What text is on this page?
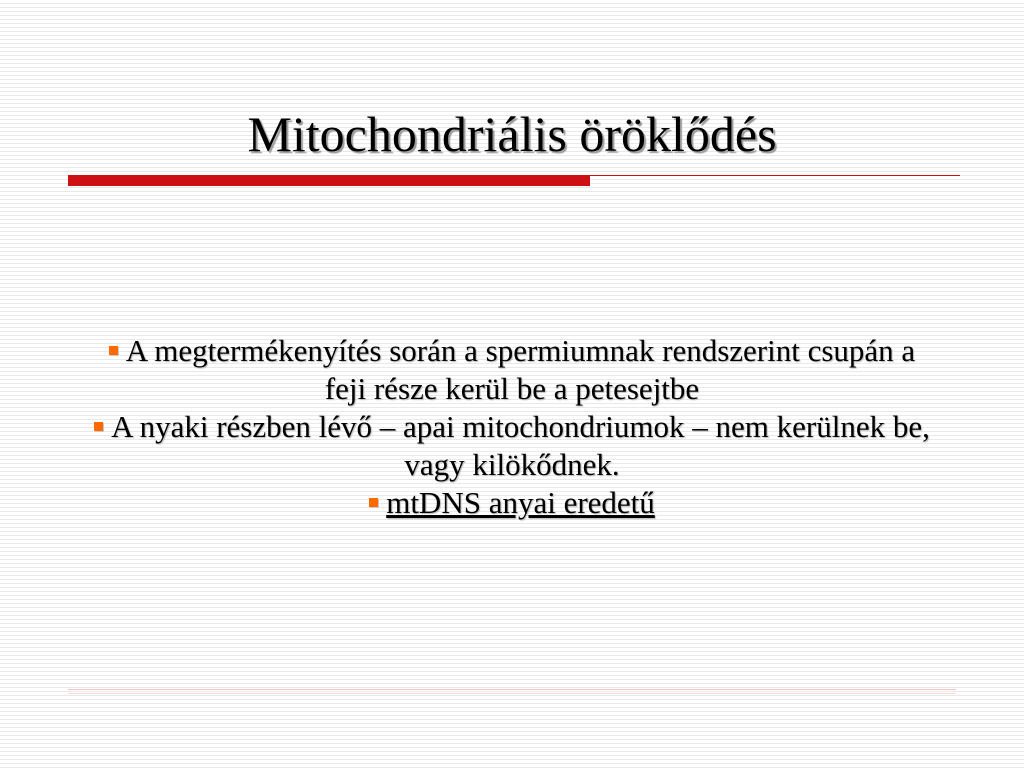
Mitochondriális öröklődés
A megtermékenyítés során a spermiumnak rendszerint csupán a feji része kerül be a petesejtbe
A nyaki részben lévő – apai mitochondriumok – nem kerülnek be, vagy kilökődnek.
mtDNS anyai eredetű
